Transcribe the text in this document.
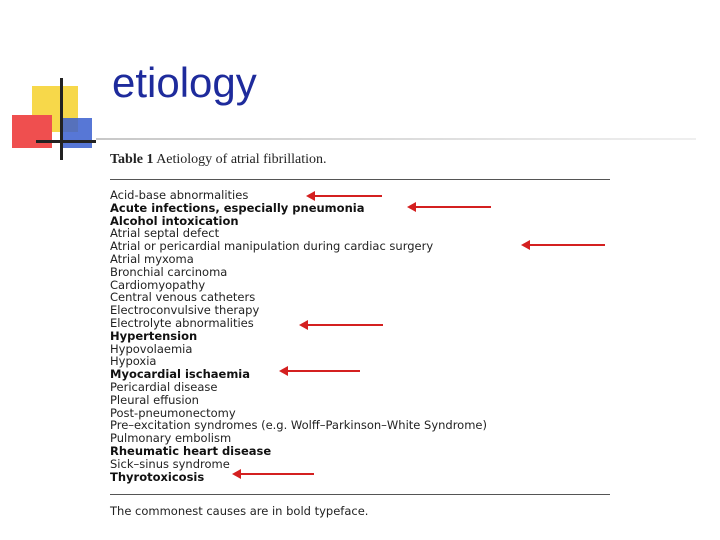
etiology
Table 1 Aetiology of atrial fibrillation.
Acid-base abnormalities
Acute infections, especially pneumonia
Alcohol intoxication
Atrial septal defect
Atrial or pericardial manipulation during cardiac surgery
Atrial myxoma
Bronchial carcinoma
Cardiomyopathy
Central venous catheters
Electroconvulsive therapy
Electrolyte abnormalities
Hypertension
Hypovolaemia
Hypoxia
Myocardial ischaemia
Pericardial disease
Pleural effusion
Post-pneumonectomy
Pre–excitation syndromes (e.g. Wolff–Parkinson–White Syndrome)
Pulmonary embolism
Rheumatic heart disease
Sick–sinus syndrome
Thyrotoxicosis
The commonest causes are in bold typeface.
